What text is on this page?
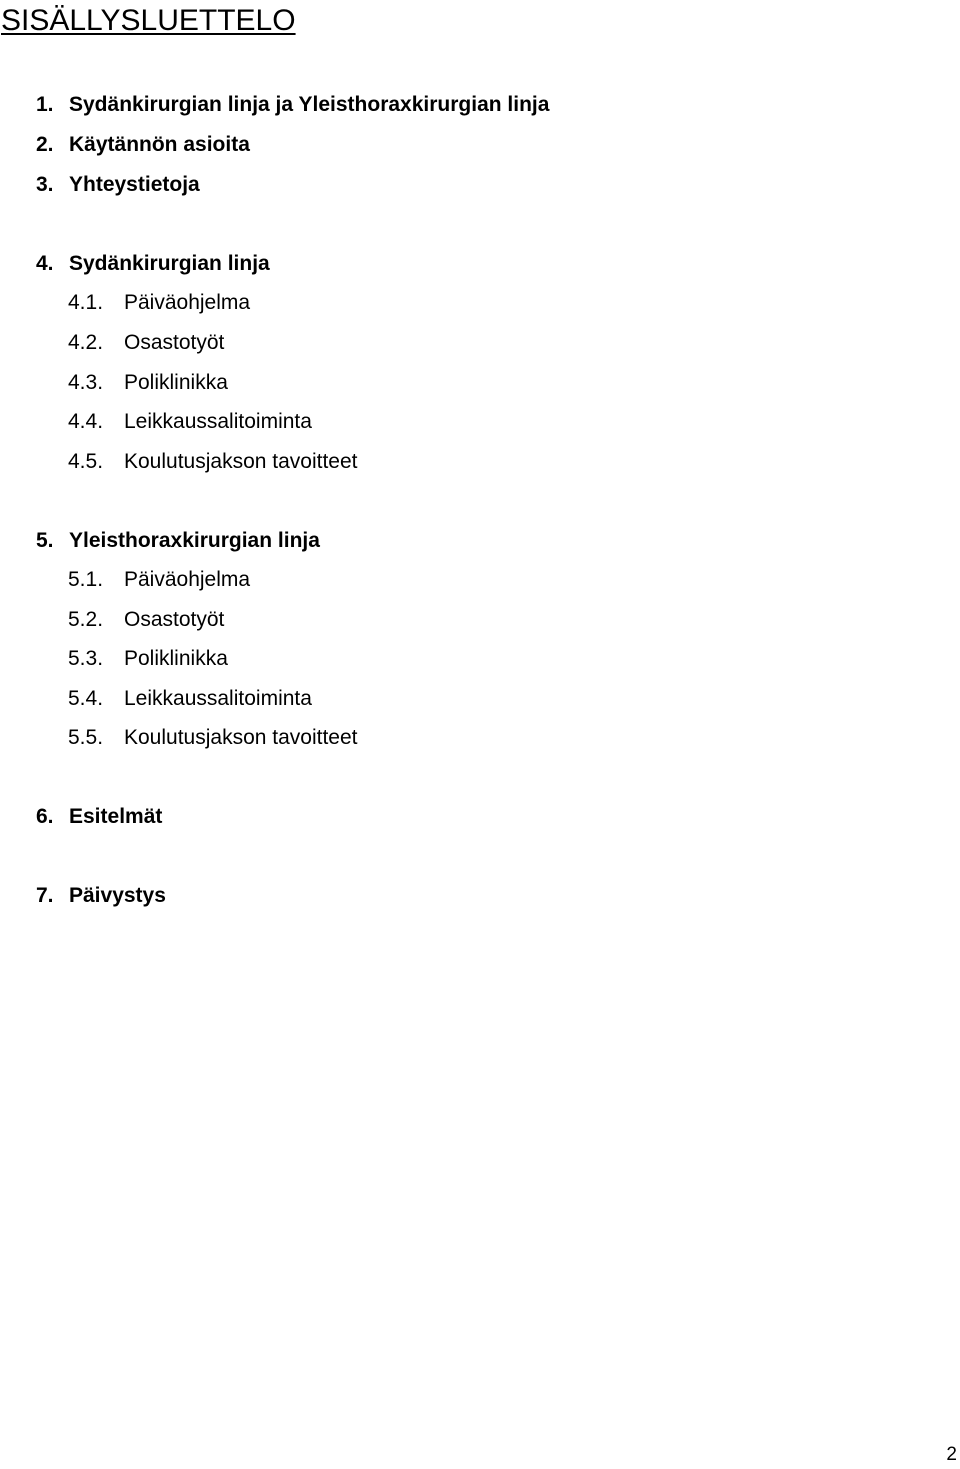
SISÄLLYSLUETTELO
1. Sydänkirurgian linja ja Yleisthoraxkirurgian linja
2. Käytännön asioita
3. Yhteystietoja
4. Sydänkirurgian linja
4.1. Päiväohjelma
4.2. Osastotyöt
4.3. Poliklinikka
4.4. Leikkaussalitoiminta
4.5. Koulutusjakson tavoitteet
5. Yleisthoraxkirurgian linja
5.1. Päiväohjelma
5.2. Osastotyöt
5.3. Poliklinikka
5.4. Leikkaussalitoiminta
5.5. Koulutusjakson tavoitteet
6. Esitelmät
7. Päivystys
2
